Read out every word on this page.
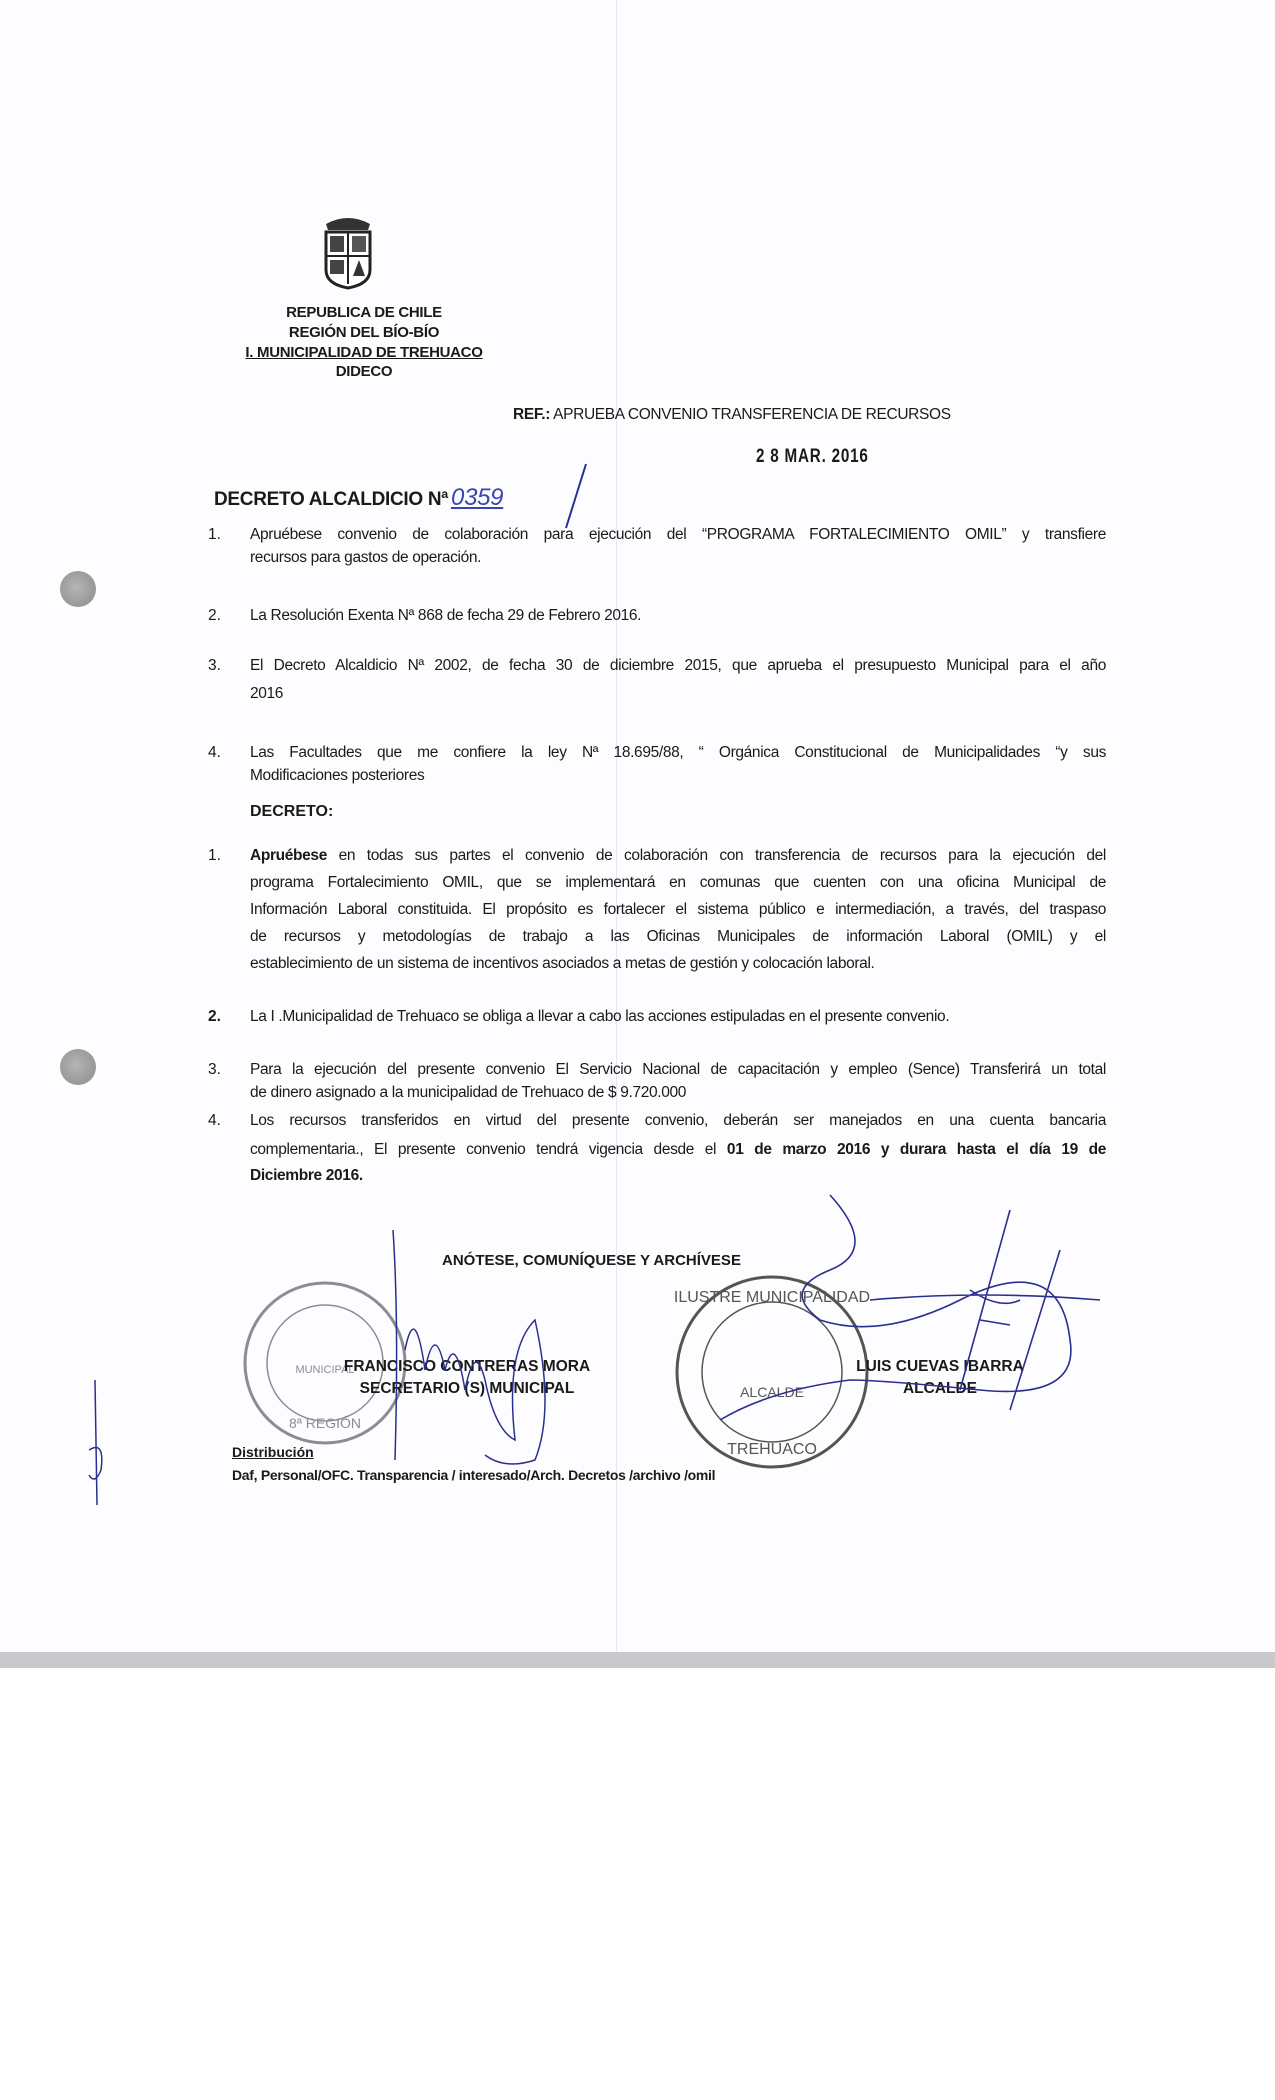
REPUBLICA DE CHILE
REGIÓN DEL BÍO-BÍO
I. MUNICIPALIDAD DE TREHUACO
DIDECO
REF.: APRUEBA CONVENIO TRANSFERENCIA DE RECURSOS
2 8 MAR. 2016
DECRETO ALCALDICIO Nª 0359
1. Apruébese convenio de colaboración para ejecución del “PROGRAMA FORTALECIMIENTO OMIL” y transfiere
recursos para gastos de operación.
2. La Resolución Exenta Nª 868 de fecha 29 de Febrero 2016.
3. El Decreto Alcaldicio Nª 2002, de fecha 30 de diciembre 2015, que aprueba el presupuesto Municipal para el año
2016
4. Las Facultades que me confiere la ley Nª 18.695/88, “ Orgánica Constitucional de Municipalidades “y sus
Modificaciones posteriores
DECRETO:
1. Apruébese en todas sus partes el convenio de colaboración con transferencia de recursos para la ejecución del
programa Fortalecimiento OMIL, que se implementará en comunas que cuenten con una oficina Municipal de
Información Laboral constituida. El propósito es fortalecer el sistema público e intermediación, a través, del traspaso
de recursos y metodologías de trabajo a las Oficinas Municipales de información Laboral (OMIL) y el
establecimiento de un sistema de incentivos asociados a metas de gestión y colocación laboral.
2. La I .Municipalidad de Trehuaco se obliga a llevar a cabo las acciones estipuladas en el presente convenio.
3. Para la ejecución del presente convenio El Servicio Nacional de capacitación y empleo (Sence) Transferirá un total
de dinero asignado a la municipalidad de Trehuaco de $ 9.720.000
4. Los recursos transferidos en virtud del presente convenio, deberán ser manejados en una cuenta bancaria
complementaria., El presente convenio tendrá vigencia desde el 01 de marzo 2016 y durara hasta el día 19 de
Diciembre 2016.
MUNICIPAL
8ª REGIÓN
ALCALDE
TREHUACO
ILUSTRE MUNICIPALIDAD
ANÓTESE, COMUNÍQUESE Y ARCHÍVESE
FRANCISCO CONTRERAS MORA
SECRETARIO (S) MUNICIPAL
LUIS CUEVAS IBARRA
ALCALDE
Distribución
Daf, Personal/OFC. Transparencia / interesado/Arch. Decretos /archivo /omil
